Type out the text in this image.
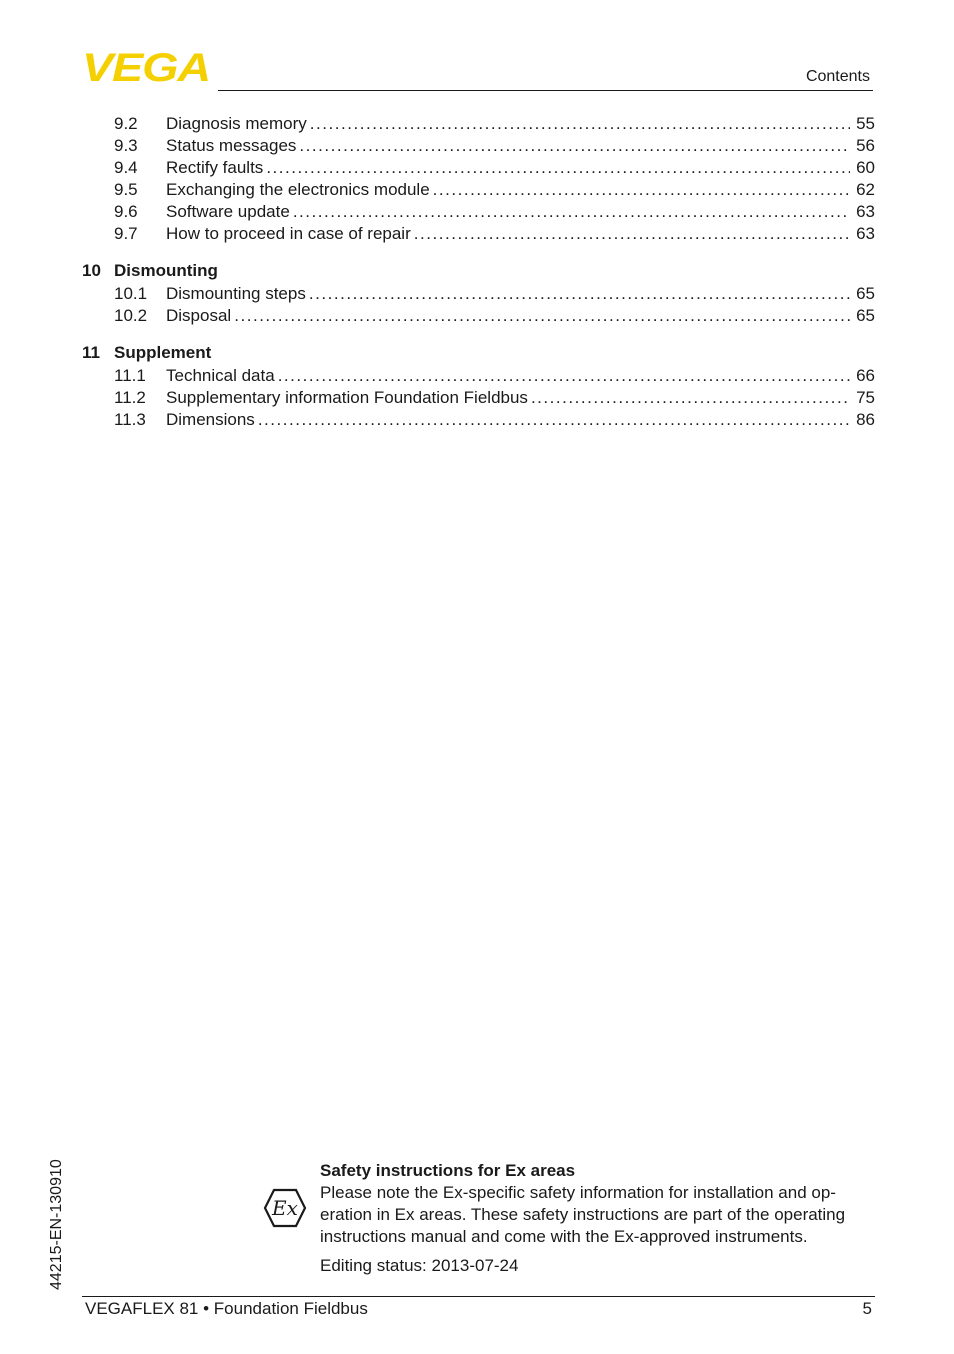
VEGA	Contents
9.2	Diagnosis memory . . .	55
9.3	Status messages . . .	56
9.4	Rectify faults . . .	60
9.5	Exchanging the electronics module . . .	62
9.6	Software update . . .	63
9.7	How to proceed in case of repair . . .	63
10 Dismounting
10.1	Dismounting steps . . .	65
10.2	Disposal . . .	65
11 Supplement
11.1	Technical data . . .	66
11.2	Supplementary information Foundation Fieldbus . . .	75
11.3	Dimensions . . .	86
44215-EN-130910	Ex
Safety instructions for Ex areas

Please note the Ex-specific safety information for installation and op-eration in Ex areas. These safety instructions are part of the operating instructions manual and come with the Ex-approved instruments.

Editing status: 2013-07-24
VEGAFLEX 81 • Foundation Fieldbus	5
